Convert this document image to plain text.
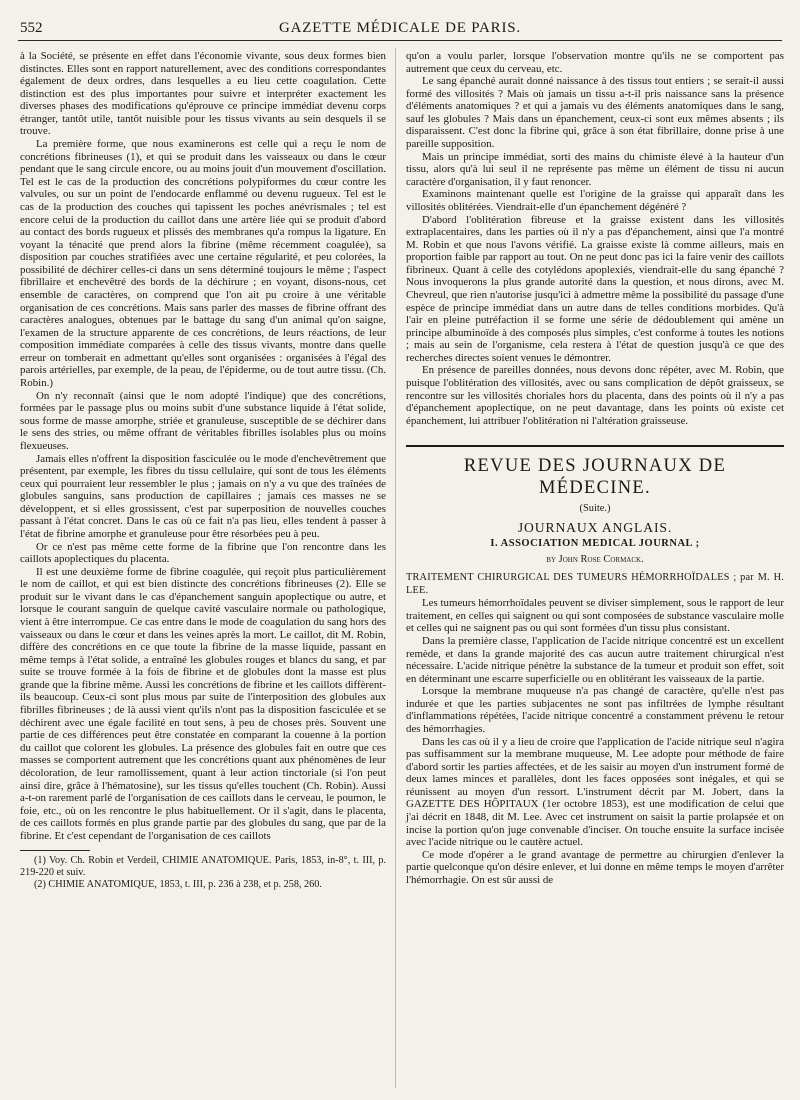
552	GAZETTE MÉDICALE DE PARIS.

à la Société, se présente en effet dans l'économie vivante, sous deux formes bien distinctes. Elles sont en rapport naturellement, avec des conditions correspondantes également de deux ordres, dans lesquelles a eu lieu cette coagulation. Cette distinction est des plus importantes pour suivre et interpréter exactement les diverses phases des modifications qu'éprouve ce principe immédiat devenu corps étranger, tantôt utile, tantôt nuisible pour les tissus vivants au sein desquels il se trouve.

La première forme, que nous examinerons est celle qui a reçu le nom de concrétions fibrineuses (1), et qui se produit dans les vaisseaux ou dans le cœur pendant que le sang circule encore, ou au moins jouit d'un mouvement d'oscillation. Tel est le cas de la production des concrétions polypiformes du cœur contre les valvules, ou sur un point de l'endocarde enflammé ou devenu rugueux. Tel est le cas de la production des couches qui tapissent les poches anévrismales ; tel est encore celui de la production du caillot dans une artère liée qui se produit d'abord au contact des bords rugueux et plissés des membranes qu'a rompus la ligature. En voyant la ténacité que prend alors la fibrine (même récemment coagulée), sa disposition par couches stratifiées avec une certaine régularité, et peu colorées, la possibilité de déchirer celles-ci dans un sens déterminé toujours le même ; l'aspect fibrillaire et enchevêtré des bords de la déchirure ; en voyant, disons-nous, cet ensemble de caractères, on comprend que l'on ait pu croire à une véritable organisation de ces concrétions. Mais sans parler des masses de fibrine offrant des caractères analogues, obtenues par le battage du sang d'un animal qu'on saigne, l'examen de la structure apparente de ces concrétions, de leurs réactions, de leur composition immédiate comparées à celle des tissus vivants, montre dans quelle erreur on tomberait en admettant qu'elles sont organisées : organisées à l'égal des parois artérielles, par exemple, de la peau, de l'épiderme, ou de tout autre tissu. (Ch. Robin.)

On n'y reconnaît (ainsi que le nom adopté l'indique) que des concrétions, formées par le passage plus ou moins subit d'une substance liquide à l'état solide, sous forme de masse amorphe, striée et granuleuse, susceptible de se déchirer dans le sens des stries, ou même offrant de véritables fibrilles isolables plus ou moins flexueuses.

Jamais elles n'offrent la disposition fasciculée ou le mode d'enchevêtrement que présentent, par exemple, les fibres du tissu cellulaire, qui sont de tous les éléments ceux qui pourraient leur ressembler le plus ; jamais on n'y a vu que des traînées de globules sanguins, sans production de capillaires ; jamais ces masses ne se développent, et si elles grossissent, c'est par superposition de nouvelles couches passant à l'état concret. Dans le cas où ce fait n'a pas lieu, elles tendent à passer à l'état de fibrine amorphe et granuleuse pour être résorbées peu à peu.

Or ce n'est pas même cette forme de la fibrine que l'on rencontre dans les caillots apoplectiques du placenta.

Il est une deuxième forme de fibrine coagulée, qui reçoit plus particulièrement le nom de caillot, et qui est bien distincte des concrétions fibrineuses (2). Elle se produit sur le vivant dans le cas d'épanchement sanguin apoplectique ou autre, et lorsque le courant sanguin de quelque cavité vasculaire normale ou pathologique, vient à être interrompue. Ce cas entre dans le mode de coagulation du sang hors des vaisseaux ou dans le cœur et dans les veines après la mort. Le caillot, dit M. Robin, diffère des concrétions en ce que toute la fibrine de la masse liquide, passant en même temps à l'état solide, a entraîné les globules rouges et blancs du sang, et par suite se trouve formée à la fois de fibrine et de globules dont la masse est plus grande que la fibrine même. Aussi les concrétions de fibrine et les caillots diffèrent-ils beaucoup. Ceux-ci sont plus mous par suite de l'interposition des globules aux fibrilles fibrineuses ; de là aussi vient qu'ils n'ont pas la disposition fasciculée et se déchirent avec une égale facilité en tout sens, à peu de choses près. Souvent une partie de ces différences peut être constatée en comparant la couenne à la portion du caillot que colorent les globules. La présence des globules fait en outre que ces masses se comportent autrement que les concrétions quant aux phénomènes de leur décoloration, de leur ramollissement, quant à leur action tinctoriale (si l'on peut ainsi dire, grâce à l'hématosine), sur les tissus qu'elles touchent (Ch. Robin). Aussi a-t-on rarement parlé de l'organisation de ces caillots dans le cerveau, le poumon, le foie, etc., où on les rencontre le plus habituellement. Or il s'agit, dans le placenta, de ces caillots formés en plus grande partie par des globules du sang, que par de la fibrine. Et c'est cependant de l'organisation de ces caillots

(1) Voy. Ch. Robin et Verdeil, CHIMIE ANATOMIQUE. Paris, 1853, in-8°, t. III, p. 219-220 et suiv.
(2) CHIMIE ANATOMIQUE, 1853, t. III, p. 236 à 238, et p. 258, 260.

qu'on a voulu parler, lorsque l'observation montre qu'ils ne se comportent pas autrement que ceux du cerveau, etc.

Le sang épanché aurait donné naissance à des tissus tout entiers ; se serait-il aussi formé des villosités ? Mais où jamais un tissu a-t-il pris naissance sans la présence d'éléments anatomiques ? et qui a jamais vu des éléments anatomiques dans le sang, sauf les globules ? Mais dans un épanchement, ceux-ci sont eux mêmes absents ; ils disparaissent. C'est donc la fibrine qui, grâce à son état fibrillaire, donne prise à une pareille supposition.

Mais un principe immédiat, sorti des mains du chimiste élevé à la hauteur d'un tissu, alors qu'à lui seul il ne représente pas même un élément de tissu ni aucun caractère d'organisation, il y faut renoncer.

Examinons maintenant quelle est l'origine de la graisse qui apparaît dans les villosités oblitérées. Viendrait-elle d'un épanchement dégénéré ?

D'abord l'oblitération fibreuse et la graisse existent dans les villosités extraplacentaires, dans les parties où il n'y a pas d'épanchement, ainsi que l'a montré M. Robin et que nous l'avons vérifié. La graisse existe là comme ailleurs, mais en proportion faible par rapport au tout. On ne peut donc pas ici la faire venir des caillots fibrineux. Quant à celle des cotylédons apoplexiés, viendrait-elle du sang épanché ? Nous invoquerons la plus grande autorité dans la question, et nous dirons, avec M. Chevreul, que rien n'autorise jusqu'ici à admettre même la possibilité du passage d'une espèce de principe immédiat dans un autre dans de telles conditions morbides. Qu'à l'air en pleine putréfaction il se forme une série de dédoublement qui amène un principe albuminoïde à des composés plus simples, c'est conforme à toutes les notions ; mais au sein de l'organisme, cela restera à l'état de question jusqu'à ce que des recherches directes soient venues le démontrer.

En présence de pareilles données, nous devons donc répéter, avec M. Robin, que puisque l'oblitération des villosités, avec ou sans complication de dépôt graisseux, se rencontre sur les villosités choriales hors du placenta, dans des points où il n'y a pas d'épanchement apoplectique, on ne peut davantage, dans les points où existe cet épanchement, lui attribuer l'oblitération ni l'altération graisseuse.

REVUE DES JOURNAUX DE MÉDECINE.
(Suite.)
JOURNAUX ANGLAIS.
I. ASSOCIATION MEDICAL JOURNAL ;
by John Rose Cormack.

TRAITEMENT CHIRURGICAL DES TUMEURS HÉMORRHOÏDALES ; par M. H. LEE.

Les tumeurs hémorrhoïdales peuvent se diviser simplement, sous le rapport de leur traitement, en celles qui saignent ou qui sont composées de substance vasculaire molle et celles qui ne saignent pas ou qui sont formées d'un tissu plus consistant.

Dans la première classe, l'application de l'acide nitrique concentré est un excellent remède, et dans la grande majorité des cas aucun autre traitement chirurgical n'est nécessaire. L'acide nitrique pénètre la substance de la tumeur et produit son effet, soit en déterminant une escarre superficielle ou en oblitérant les vaisseaux de la partie.

Lorsque la membrane muqueuse n'a pas changé de caractère, qu'elle n'est pas indurée et que les parties subjacentes ne sont pas infiltrées de lymphe résultant d'inflammations répétées, l'acide nitrique concentré a constamment prévenu le retour des hémorrhagies.

Dans les cas où il y a lieu de croire que l'application de l'acide nitrique seul n'agira pas suffisamment sur la membrane muqueuse, M. Lee adopte pour méthode de faire d'abord sortir les parties affectées, et de les saisir au moyen d'un instrument formé de deux lames minces et parallèles, dont les faces opposées sont inégales, et qui se réunissent au moyen d'un ressort. L'instrument décrit par M. Jobert, dans la GAZETTE DES HÔPITAUX (1er octobre 1853), est une modification de celui que j'ai décrit en 1848, dit M. Lee. Avec cet instrument on saisit la partie prolapsée et on incise la portion qu'on juge convenable d'inciser. On touche ensuite la surface incisée avec l'acide nitrique ou le cautère actuel.

Ce mode d'opérer a le grand avantage de permettre au chirurgien d'enlever la partie quelconque qu'on désire enlever, et lui donne en même temps le moyen d'arrêter l'hémorrhagie. On est sûr aussi de
